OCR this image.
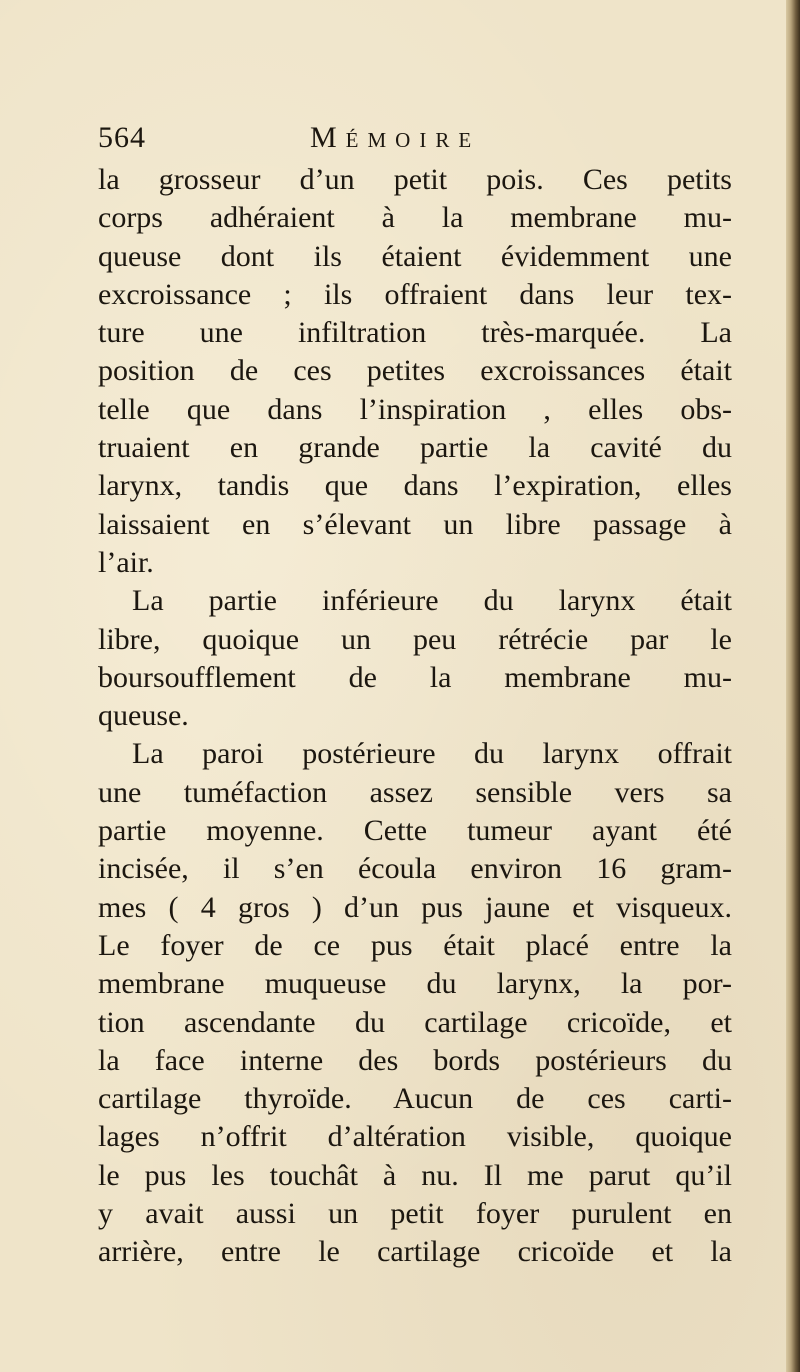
564	Mémoire
la grosseur d’un petit pois. Ces petits
corps adhéraient à la membrane mu-
queuse dont ils étaient évidemment une
excroissance ; ils offraient dans leur tex-
ture une infiltration très-marquée. La
position de ces petites excroissances était
telle que dans l’inspiration , elles obs-
truaient en grande partie la cavité du
larynx, tandis que dans l’expiration, elles
laissaient en s’élevant un libre passage à
l’air.
La partie inférieure du larynx était
libre, quoique un peu rétrécie par le
boursoufflement de la membrane mu-
queuse.
La paroi postérieure du larynx offrait
une tuméfaction assez sensible vers sa
partie moyenne. Cette tumeur ayant été
incisée, il s’en écoula environ 16 gram-
mes ( 4 gros ) d’un pus jaune et visqueux.
Le foyer de ce pus était placé entre la
membrane muqueuse du larynx, la por-
tion ascendante du cartilage cricoïde, et
la face interne des bords postérieurs du
cartilage thyroïde. Aucun de ces carti-
lages n’offrit d’altération visible, quoique
le pus les touchât à nu. Il me parut qu’il
y avait aussi un petit foyer purulent en
arrière, entre le cartilage cricoïde et la
